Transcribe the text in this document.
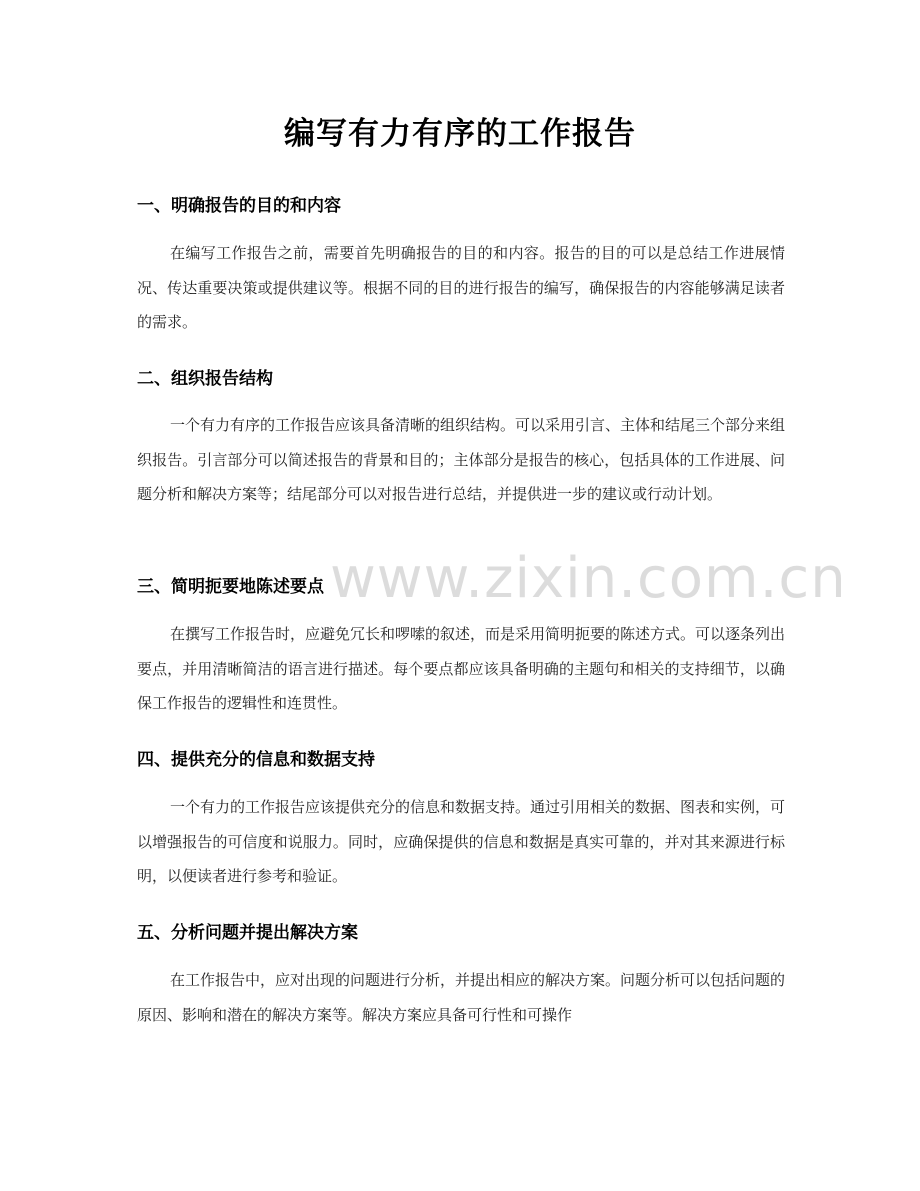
编写有力有序的工作报告
一、明确报告的目的和内容

在编写工作报告之前，需要首先明确报告的目的和内容。报告的目的可以是总结工作进展情况、传达重要决策或提供建议等。根据不同的目的进行报告的编写，确保报告的内容能够满足读者的需求。

二、组织报告结构

一个有力有序的工作报告应该具备清晰的组织结构。可以采用引言、主体和结尾三个部分来组织报告。引言部分可以简述报告的背景和目的；主体部分是报告的核心，包括具体的工作进展、问题分析和解决方案等；结尾部分可以对报告进行总结，并提供进一步的建议或行动计划。

www.zixin.com.cn
三、简明扼要地陈述要点

在撰写工作报告时，应避免冗长和啰嗦的叙述，而是采用简明扼要的陈述方式。可以逐条列出要点，并用清晰简洁的语言进行描述。每个要点都应该具备明确的主题句和相关的支持细节，以确保工作报告的逻辑性和连贯性。

四、提供充分的信息和数据支持

一个有力的工作报告应该提供充分的信息和数据支持。通过引用相关的数据、图表和实例，可以增强报告的可信度和说服力。同时，应确保提供的信息和数据是真实可靠的，并对其来源进行标明，以便读者进行参考和验证。

五、分析问题并提出解决方案

在工作报告中，应对出现的问题进行分析，并提出相应的解决方案。问题分析可以包括问题的原因、影响和潜在的解决方案等。解决方案应具备可行性和可操作
